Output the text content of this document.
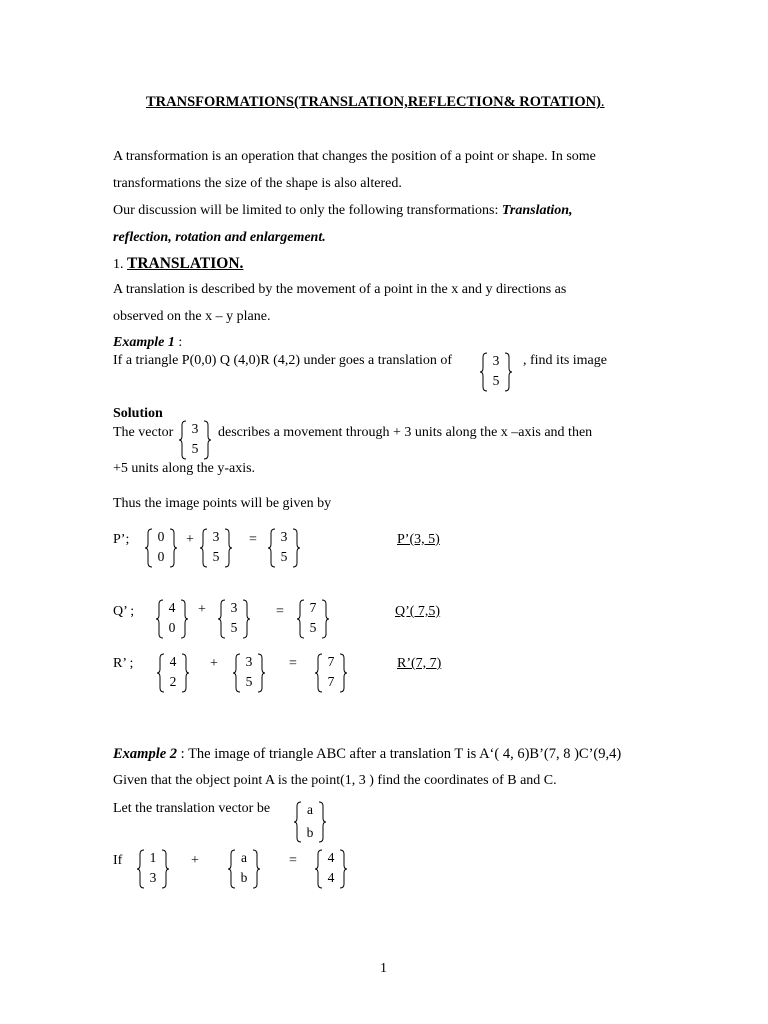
TRANSFORMATIONS(TRANSLATION,REFLECTION& ROTATION).
A transformation is an operation that changes the position of a point or shape. In some
transformations the size of the shape is also altered.
Our discussion will be limited to only the following transformations: Translation,
reflection, rotation and enlargement.
1. TRANSLATION.
A translation is described by the movement of a point in the x and y directions as
observed on the x – y plane.
Example 1 :
If a triangle P(0,0) Q (4,0)R (4,2) under goes a translation of	3
5
, find its image
Solution
The vector	3
5
describes a movement through + 3 units along the x –axis and then
+5 units along the y-axis.
Thus the image points will be given by
P’;	0
0
+	3
5
=	3
5
P’(3, 5)
Q’ ;	4
0
+	3
5
=	7
5
Q’( 7,5)
R’ ;	4
2
+	3
5
=	7
7
R’(7, 7)
Example 2 : The image of triangle ABC after a translation T is A‘( 4, 6)B’(7, 8 )C’(9,4)
Given that the object point A is the point(1, 3 ) find the coordinates of B and C.
Let the translation vector be	a
b
If	1
3
+	a
b
=	4
4
1
